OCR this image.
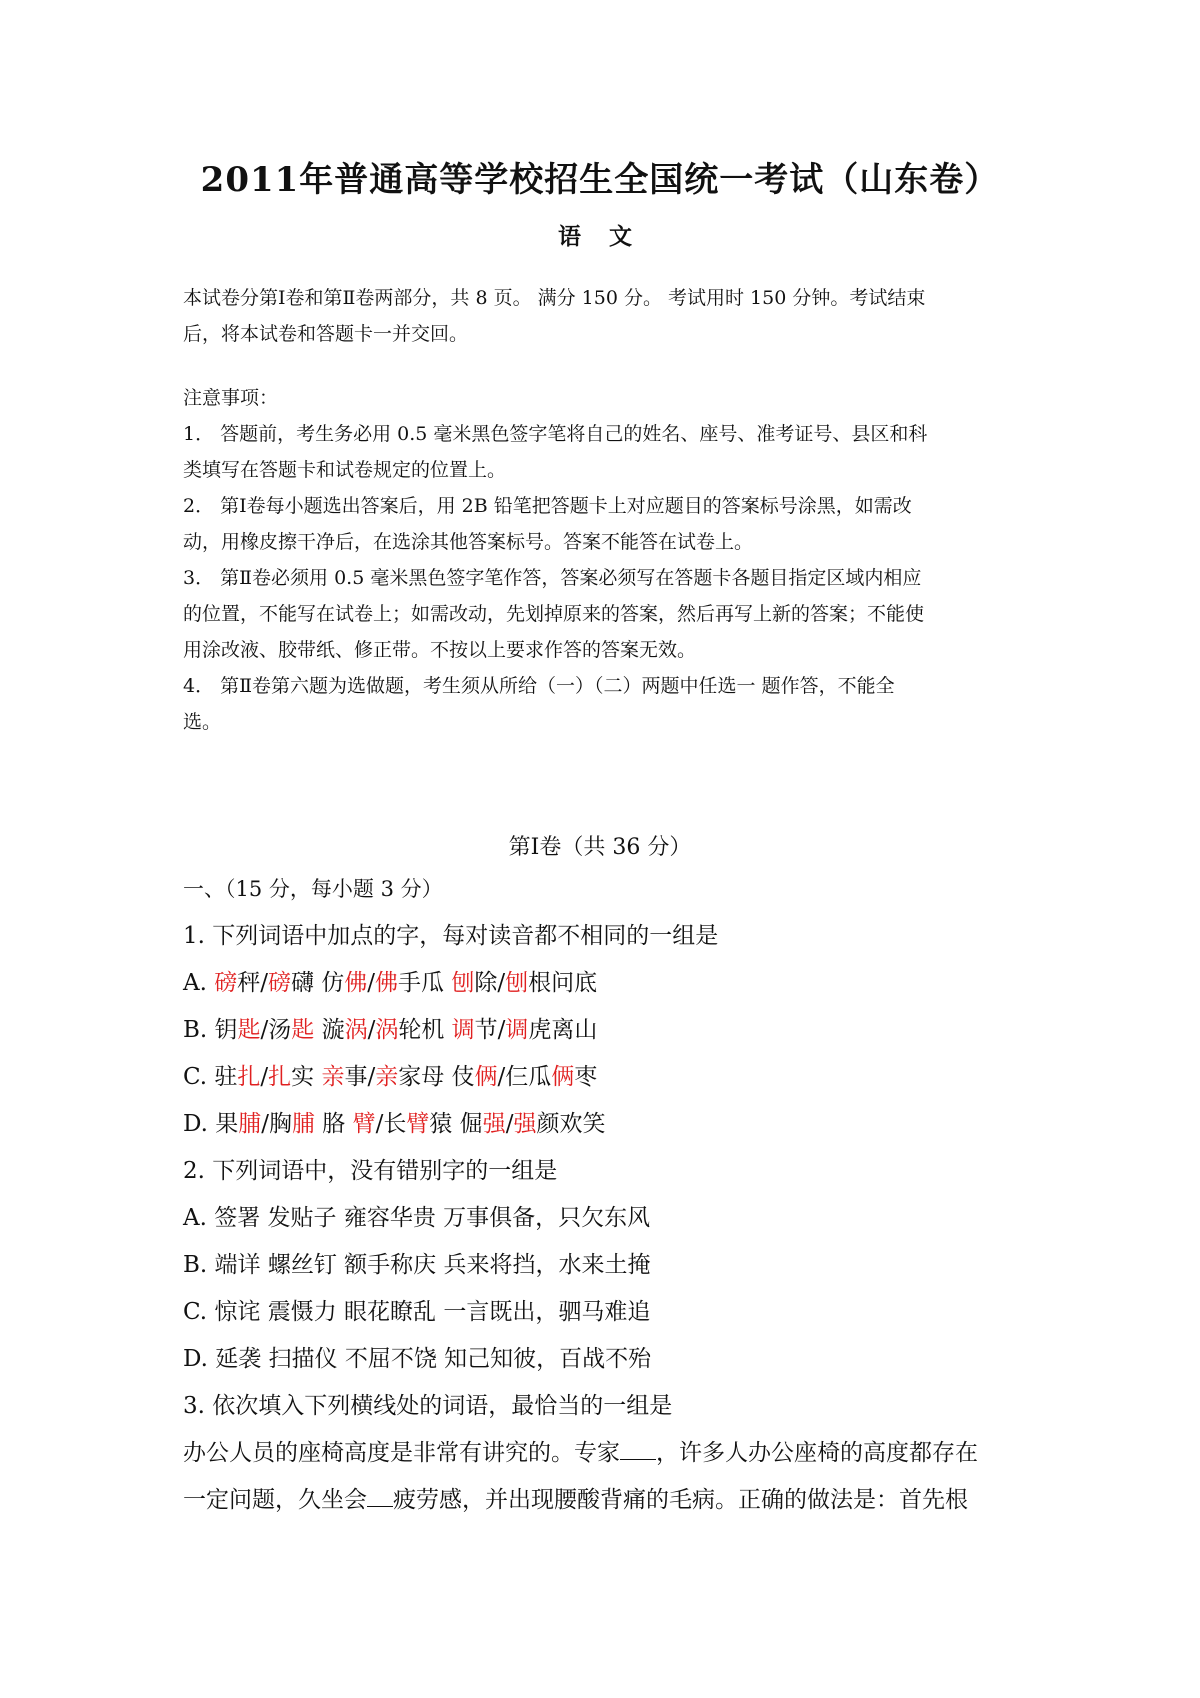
2011年普通高等学校招生全国统一考试（山东卷）
语 文
本试卷分第Ⅰ卷和第Ⅱ卷两部分，共 8 页。 满分 150 分。 考试用时 150 分钟。考试结束
后，将本试卷和答题卡一并交回。
注意事项：
1． 答题前，考生务必用 0.5 毫米黑色签字笔将自己的姓名、座号、准考证号、县区和科
类填写在答题卡和试卷规定的位置上。
2． 第Ⅰ卷每小题选出答案后，用 2B 铅笔把答题卡上对应题目的答案标号涂黑，如需改
动，用橡皮擦干净后，在选涂其他答案标号。答案不能答在试卷上。
3． 第Ⅱ卷必须用 0.5 毫米黑色签字笔作答，答案必须写在答题卡各题目指定区域内相应
的位置，不能写在试卷上；如需改动，先划掉原来的答案，然后再写上新的答案；不能使
用涂改液、胶带纸、修正带。不按以上要求作答的答案无效。
4． 第Ⅱ卷第六题为选做题，考生须从所给（一）（二）两题中任选一 题作答，不能全
选。
第Ⅰ卷（共 36 分）
一、（15 分，每小题 3 分）
1. 下列词语中加点的字，每对读音都不相同的一组是
A. 磅秤/磅礴 仿佛/佛手瓜 刨除/刨根问底
B. 钥匙/汤匙 漩涡/涡轮机 调节/调虎离山
C. 驻扎/扎实 亲事/亲家母 伎俩/仨瓜俩枣
D. 果脯/胸脯 胳 臂/长臂猿 倔强/强颜欢笑
2. 下列词语中，没有错别字的一组是
A. 签署 发贴子 雍容华贵 万事俱备，只欠东风
B. 端详 螺丝钉 额手称庆 兵来将挡，水来土掩
C. 惊诧 震慑力 眼花瞭乱 一言既出，驷马难追
D. 延袭 扫描仪 不屈不饶 知己知彼，百战不殆
3. 依次填入下列横线处的词语，最恰当的一组是
办公人员的座椅高度是非常有讲究的。专家 ，许多人办公座椅的高度都存在
一定问题，久坐会 疲劳感，并出现腰酸背痛的毛病。正确的做法是：首先根
